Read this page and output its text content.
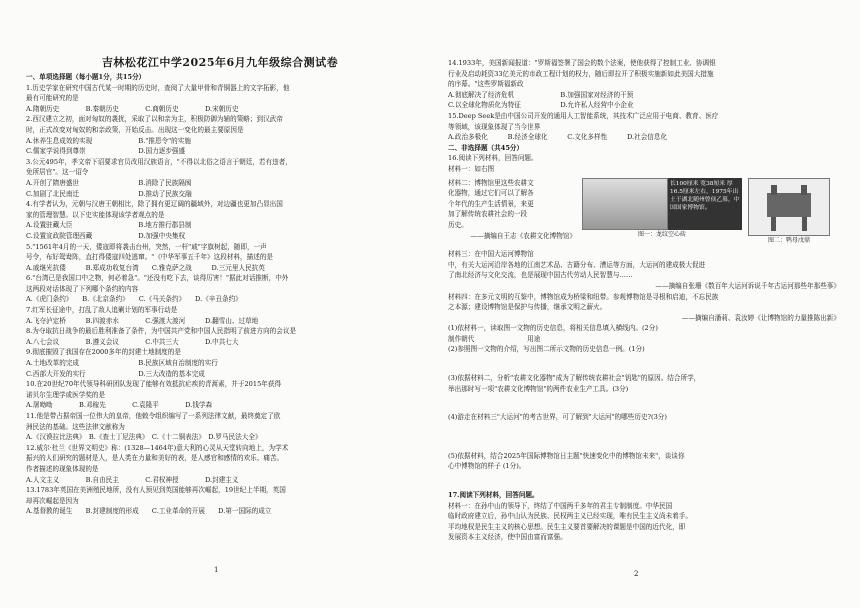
吉林松花江中学2025年6月九年级综合测试卷
一、单项选择题（每小题1分，共15分）
1.历史学家在研究中国古代某一时期的历史时，查阅了大量甲骨和青铜器上的文字拓影，他
最有可能研究的是
A.隋朝历史　　　　B.秦朝历史　　　　C.商朝历史　　　　D.宋朝历史
2.西汉建立之初，面对匈奴的袭扰，采取了以和亲为主，积极防御为辅的策略；到汉武帝
时，正式改变对匈奴的和亲政策，开始反击。出现这一变化的最主要原因是
A.休养生息成效的实现　　　　　　　B."推恩令"的实施
C.儒家学说得到尊崇　　　　　　　　D.国力逐步强盛
3.公元495年，孝文帝下诏要求官员改用汉族语言，"不得以北俗之语言于朝廷，若有违者，
免所居官"。这一诏令
A.开创了隋唐盛世　　　　　　　　　B.消除了民族隔阂
C.加剧了北民南迁　　　　　　　　　D.推动了民族交融
4.有学者认为，元朝与汉唐王朝相比，除了拥有更辽阔的疆域外，对边疆也更加凸显出国
家的管理智慧。以下史实能体现该学者观点的是
A.设置驻藏大臣　　　　　　　　　　B.地方推行郡县制
C.设置宣政院管理西藏　　　　　　　D.加强中央集权
5."1561年4月的一天，倭寇即将袭击台州，突然，一杆"戚"字旗树起，随即，一声
号令，布好鸳鸯阵，直打得倭寇四处逃窜。"《中华军事五千年》这段材料，描述的是
A.戚继光抗倭　　　B.郑成功收复台湾　　C.雅克萨之战　　　D.三元里人民抗英
6."台湾已是我国口中之物，何必着急"。"还没有吃下去，谈得厉害！"据此对话推断，中外
这两段对话体现了下列哪个条约的内容
A.《虎门条约》　　B.《北京条约》　　C.《马关条约》　　D.《辛丑条约》
7.红军长征途中，打乱了敌人追剿计划的军事行动是
A.飞夺泸定桥　　　B.四渡赤水　　　　C.强渡大渡河　　　D.翻雪山、过草地
8.为夺取抗日战争的最后胜利准备了条件，为中国共产党和中国人民指明了前进方向的会议是
A.八七会议　　　　B.遵义会议　　　　C.中共三大　　　　D.中共七大
9.彻底摧毁了我国存在2000多年的封建土地制度的是
A.土地改革的完成　　　　　　　　　B.民族区域自治制度的实行
C.西部大开发的实行　　　　　　　　D.三大改造的基本完成
10.在20世纪70年代领导科研团队发现了能够有效抵抗疟疾的青蒿素，并于2015年获得
诺贝尔生理学或医学奖的是
A.屠呦呦　　　　B.邓稼先　　　　C.袁隆平　　　　D.钱学森
11.他是带占据帝国一位伟大的皇帝，他敕令组织编写了一系列法律文献，最终奠定了欧
洲民法的基础。这些法律文献称为
A.《汉谟拉比法典》　B.《查士丁尼法典》　C.《十二铜表法》　D.罗马民法大全》
12.威尔·杜兰《世界文明史》称：(1328—1464年)意大利的心灵从天堂转向地上，为学术
振兴的人们研究的题材是人，是人类在力量和美好的表，是人感官和感情的欢乐、痛苦。
作者描述的现象体现的是
A.人文主义　　　　B.自由民主　　　　C.君权神授　　　　D.封建主义
13.1783年英国在美洲殖民地所，没有人预见到英国能够再次崛起，19世纪上半期，英国
却再次崛起是因为
A.基督教的诞生　　B.封建制度的形成　　C.工业革命的开展　　D.第一国际的成立
14.1933年，美国新闻报道："罗斯福签署了国会的数个法案，使他获得了控制工业、协调银
行业及启动耗资33亿美元的市政工程计划的权力，随后即拉开了积极实施新如此美国大措施
的序幕。"这些罗斯福新政
A.彻底解决了经济危机　　　　　　　B.加强国家对经济的干预
C.以全球化物质化为特征　　　　　　D.允许私人经营中小企业
15.Deep Seek是由中国公司开发的通用人工智能系统，其技术广泛应用于电商、教育、医疗
等领域，该现象体现了当今世界
A.政治多极化　　　B.经济全球化　　　C.文化多样性　　　D.社会信息化
二、非选择题（共45分）
16.阅读下列材料，回答问题。
材料一：如右图
材料二：博物馆里这些农耕文
化器物，通过它们可以了解各
个年代的生产生活情景，来更
加了解传统农耕社会的一段
历史。
——摘编自王志《农耕文化博物馆》
长100厘米 宽38厘米 厚16.5厘米左右，1975年出土于湖北随州曾侯乙墓，中国国家博物馆。
图一：龙纹空心砖
图二：鸭母戊鼎
材料三：在中国大运河博物馆
中，有关大运河沿岸各地的江南艺术品、古籍分布、漕运等方面，大运河的建成极大促进
了南北经济与文化交流，也是展现中国古代劳动人民智慧与……
——摘编自张珊《数百年大运河诉说千年古运河那些年那些事》
材料四：在多元文明的互鉴中，博物馆成为桥梁和纽带。参观博物馆是寻根和启迪，不忘民族
之本源；建设博物馆是保护与传播，继承文明之薪火。
——摘编自潘莉、袁汝婷《让博物馆的力量推陈出新》
(1)依材料一，读取图一文物的历史信息，将相关信息填入横线内。(2分)
制作朝代　　　　　　　　用途
(2)参照图一文物的介绍，写出图二所示文物的历史信息一例。(1分)
(3)依据材料二，分析"农耕文化器物"成为了解传统农耕社会"钥匙"的原因。结合所学，
举出那时写一项"农耕文化博物馆"的两件农业生产工具。(3分)
(4)游走在材料三"大运河"的考古世界，可了解到"大运河"的哪些历史?(3分)
(5)依据材料，结合2025年国际博物馆日主题"快速变化中的博物馆未来"，谈谈你
心中博物馆的样子 (1分)。
17.阅读下列材料，回答问题。
材料一：在孙中山的领导下，终结了中国两千多年的君主专制制度。中华民国
临时政府建立后，孙中山认为民族、民权两主义已经实现，唯有民生主义尚未着手。
平均地权是民生主义的核心思想。民生主义要首要解决的课题是中国的近代化，即
发展资本主义经济，使中国由富而富强。
1	2
